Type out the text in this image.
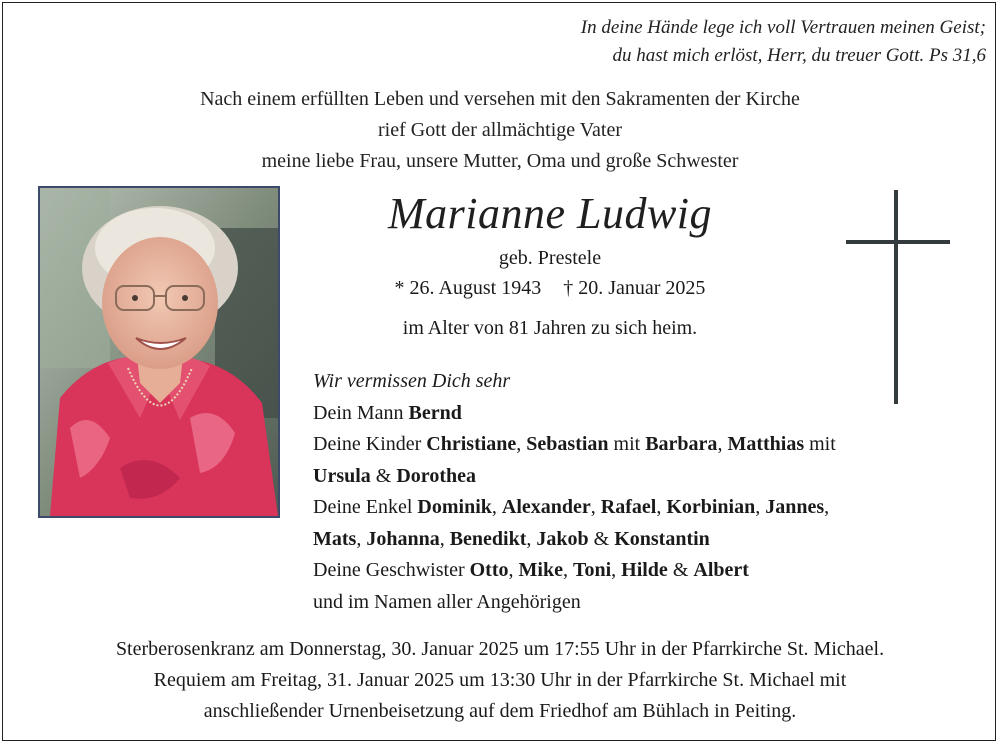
In deine Hände lege ich voll Vertrauen meinen Geist;
du hast mich erlöst, Herr, du treuer Gott. Ps 31,6
Nach einem erfüllten Leben und versehen mit den Sakramenten der Kirche
rief Gott der allmächtige Vater
meine liebe Frau, unsere Mutter, Oma und große Schwester
Marianne Ludwig
geb. Prestele
* 26. August 1943 † 20. Januar 2025
im Alter von 81 Jahren zu sich heim.
Wir vermissen Dich sehr
Dein Mann Bernd
Deine Kinder Christiane, Sebastian mit Barbara, Matthias mit
Ursula & Dorothea
Deine Enkel Dominik, Alexander, Rafael, Korbinian, Jannes,
Mats, Johanna, Benedikt, Jakob & Konstantin
Deine Geschwister Otto, Mike, Toni, Hilde & Albert
und im Namen aller Angehörigen
Sterberosenkranz am Donnerstag, 30. Januar 2025 um 17:55 Uhr in der Pfarrkirche St. Michael.
Requiem am Freitag, 31. Januar 2025 um 13:30 Uhr in der Pfarrkirche St. Michael mit
anschließender Urnenbeisetzung auf dem Friedhof am Bühlach in Peiting.
